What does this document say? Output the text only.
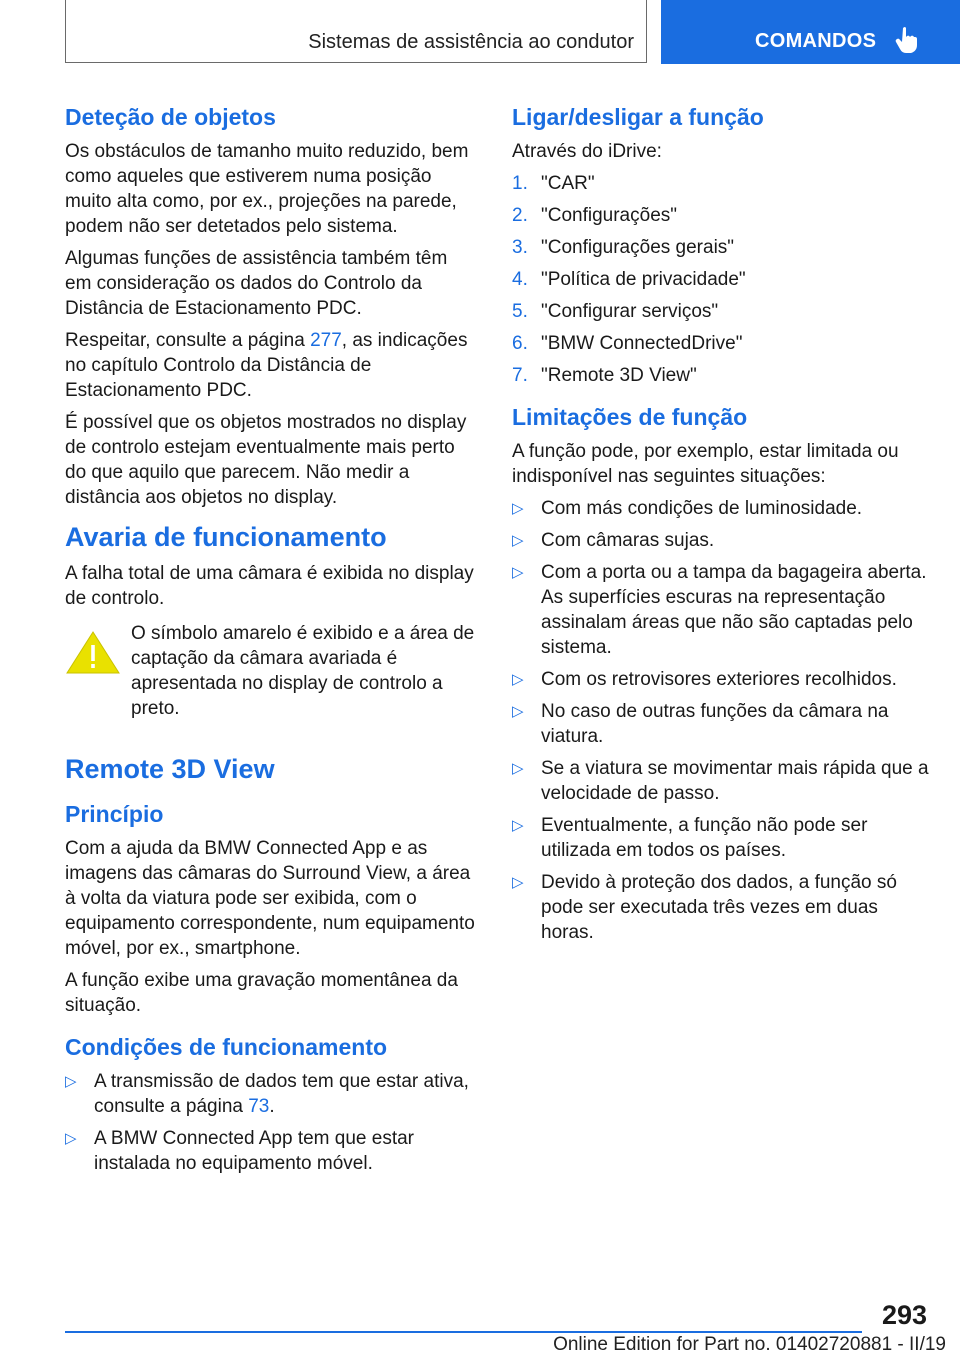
Sistemas de assistência ao condutor	COMANDOS
Deteção de objetos

Os obstáculos de tamanho muito reduzido, bem como aqueles que estiverem numa posição muito alta como, por ex., projeções na parede, podem não ser detetados pelo sistema.

Algumas funções de assistência também têm em consideração os dados do Controlo da Distância de Estacionamento PDC.

Respeitar, consulte a página 277, as indicações no capítulo Controlo da Distância de Estacionamento PDC.

É possível que os objetos mostrados no display de controlo estejam eventualmente mais perto do que aquilo que parecem. Não medir a distância aos objetos no display.

Avaria de funcionamento

A falha total de uma câmara é exibida no display de controlo.

O símbolo amarelo é exibido e a área de captação da câmara avariada é apresentada no display de controlo a preto.

Remote 3D View
Princípio

Com a ajuda da BMW Connected App e as imagens das câmaras do Surround View, a área à volta da viatura pode ser exibida, com o equipamento correspondente, num equipamento móvel, por ex., smartphone.

A função exibe uma gravação momentânea da situação.

Condições de funcionamento
▷ A transmissão de dados tem que estar ativa, consulte a página 73.
▷ A BMW Connected App tem que estar instalada no equipamento móvel.
Ligar/desligar a função

Através do iDrive:

1. "CAR"
2. "Configurações"
3. "Configurações gerais"
4. "Política de privacidade"
5. "Configurar serviços"
6. "BMW ConnectedDrive"
7. "Remote 3D View"
Limitações de função

A função pode, por exemplo, estar limitada ou indisponível nas seguintes situações:

▷ Com más condições de luminosidade.
▷ Com câmaras sujas.
▷ Com a porta ou a tampa da bagageira aberta. As superfícies escuras na representação assinalam áreas que não são captadas pelo sistema.
▷ Com os retrovisores exteriores recolhidos.
▷ No caso de outras funções da câmara na viatura.
▷ Se a viatura se movimentar mais rápida que a velocidade de passo.
▷ Eventualmente, a função não pode ser utilizada em todos os países.
▷ Devido à proteção dos dados, a função só pode ser executada três vezes em duas horas.
293
Online Edition for Part no. 01402720881 - II/19
